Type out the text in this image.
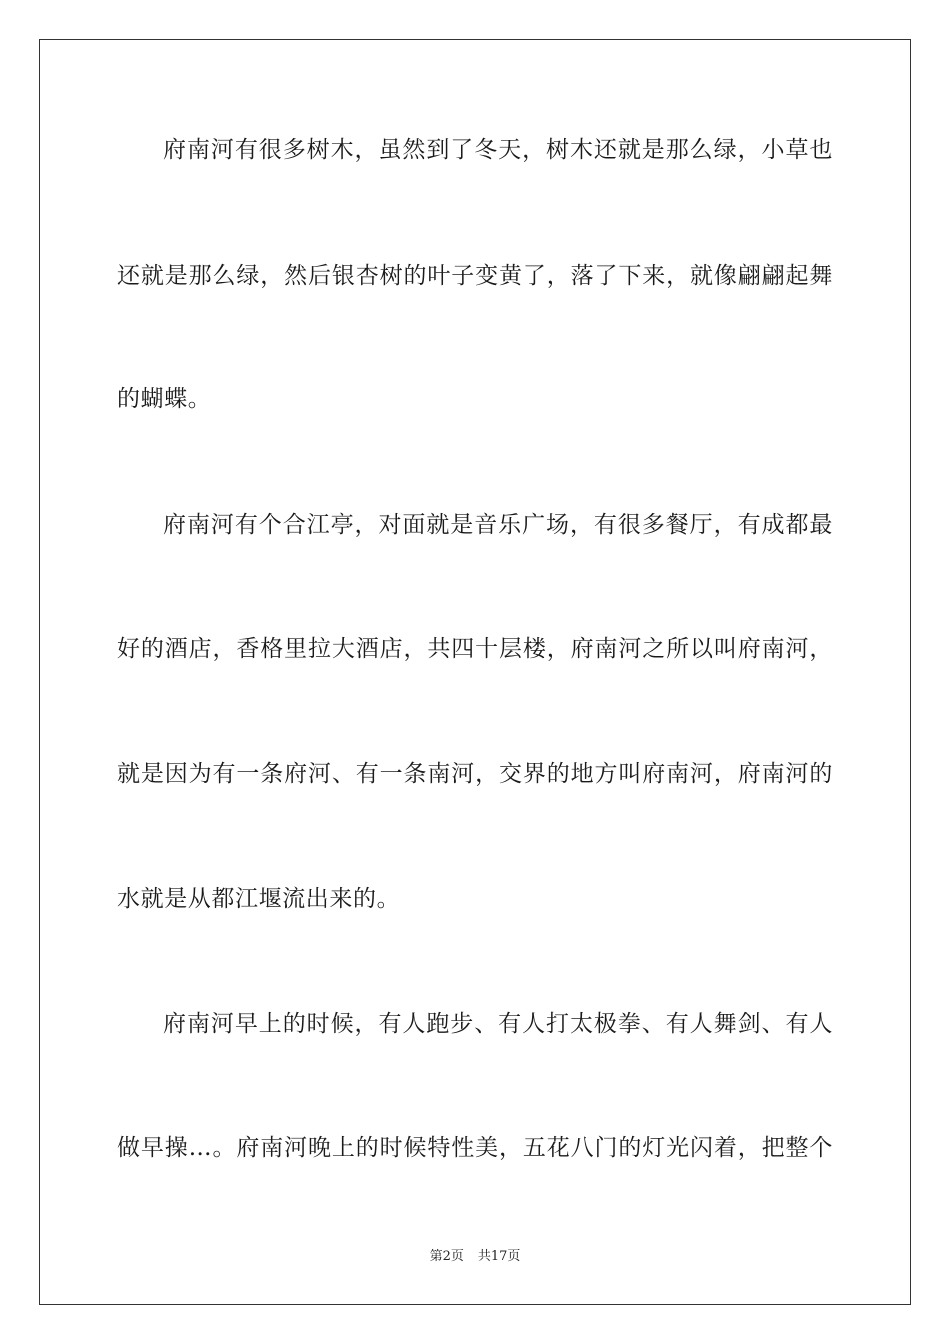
府南河有很多树木，虽然到了冬天，树木还就是那么绿，小草也
还就是那么绿，然后银杏树的叶子变黄了，落了下来，就像翩翩起舞
的蝴蝶。
府南河有个合江亭，对面就是音乐广场，有很多餐厅，有成都最
好的酒店，香格里拉大酒店，共四十层楼，府南河之所以叫府南河，
就是因为有一条府河、有一条南河，交界的地方叫府南河，府南河的
水就是从都江堰流出来的。
府南河早上的时候，有人跑步、有人打太极拳、有人舞剑、有人
做早操…。府南河晚上的时候特性美，五花八门的灯光闪着，把整个
第2页 共17页
